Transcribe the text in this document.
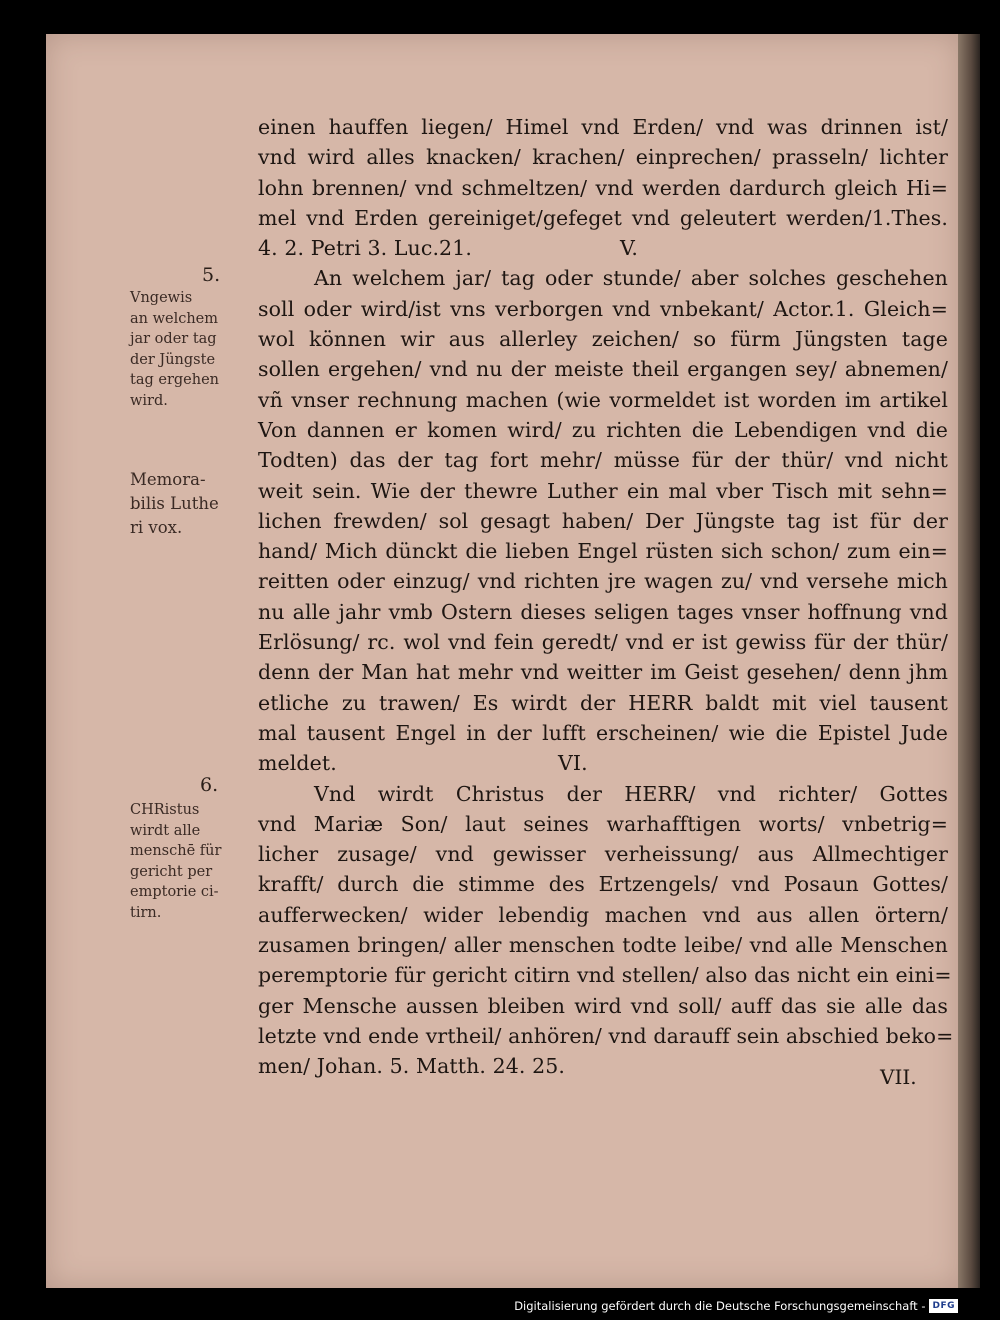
einen hauffen liegen/ Himel vnd Erden/ vnd was drinnen ist/
vnd wird alles knacken/ krachen/ einprechen/ prasseln/ lichter
lohn brennen/ vnd schmeltzen/ vnd werden dardurch gleich Hi=
mel vnd Erden gereiniget/gefeget vnd geleutert werden/1.Thes.
4. 2. Petri 3. Luc.21.	V.
An welchem jar/ tag oder stunde/ aber solches geschehen
soll oder wird/ist vns verborgen vnd vnbekant/ Actor.1. Gleich=
wol können wir aus allerley zeichen/ so fürm Jüngsten tage
sollen ergehen/ vnd nu der meiste theil ergangen sey/ abnemen/
vñ vnser rechnung machen (wie vormeldet ist worden im artikel
Von dannen er komen wird/ zu richten die Lebendigen vnd die
Todten) das der tag fort mehr/ müsse für der thür/ vnd nicht
weit sein. Wie der thewre Luther ein mal vber Tisch mit sehn=
lichen frewden/ sol gesagt haben/ Der Jüngste tag ist für der
hand/ Mich dünckt die lieben Engel rüsten sich schon/ zum ein=
reitten oder einzug/ vnd richten jre wagen zu/ vnd versehe mich
nu alle jahr vmb Ostern dieses seligen tages vnser hoffnung vnd
Erlösung/ rc. wol vnd fein geredt/ vnd er ist gewiss für der thür/
denn der Man hat mehr vnd weitter im Geist gesehen/ denn jhm
etliche zu trawen/ Es wirdt der HERR baldt mit viel tausent
mal tausent Engel in der lufft erscheinen/ wie die Epistel Jude
meldet.	VI.
Vnd wirdt Christus der HERR/ vnd richter/ Gottes
vnd Mariæ Son/ laut seines warhafftigen worts/ vnbetrig=
licher zusage/ vnd gewisser verheissung/ aus Allmechtiger
krafft/ durch die stimme des Ertzengels/ vnd Posaun Gottes/
aufferwecken/ wider lebendig machen vnd aus allen örtern/
zusamen bringen/ aller menschen todte leibe/ vnd alle Menschen
peremptorie für gericht citirn vnd stellen/ also das nicht ein eini=
ger Mensche aussen bleiben wird vnd soll/ auff das sie alle das
letzte vnd ende vrtheil/ anhören/ vnd darauff sein abschied beko=
men/ Johan. 5. Matth. 24. 25.
5.
Vngewis
an welchem
jar oder tag
der Jüngste
tag ergehen
wird.
Memora-
bilis Luthe
ri vox.
6.
CHRistus
wirdt alle
menschē für
gericht per
emptorie ci-
tirn.
VII.
Digitalisierung gefördert durch die Deutsche Forschungsgemeinschaft - DFG
